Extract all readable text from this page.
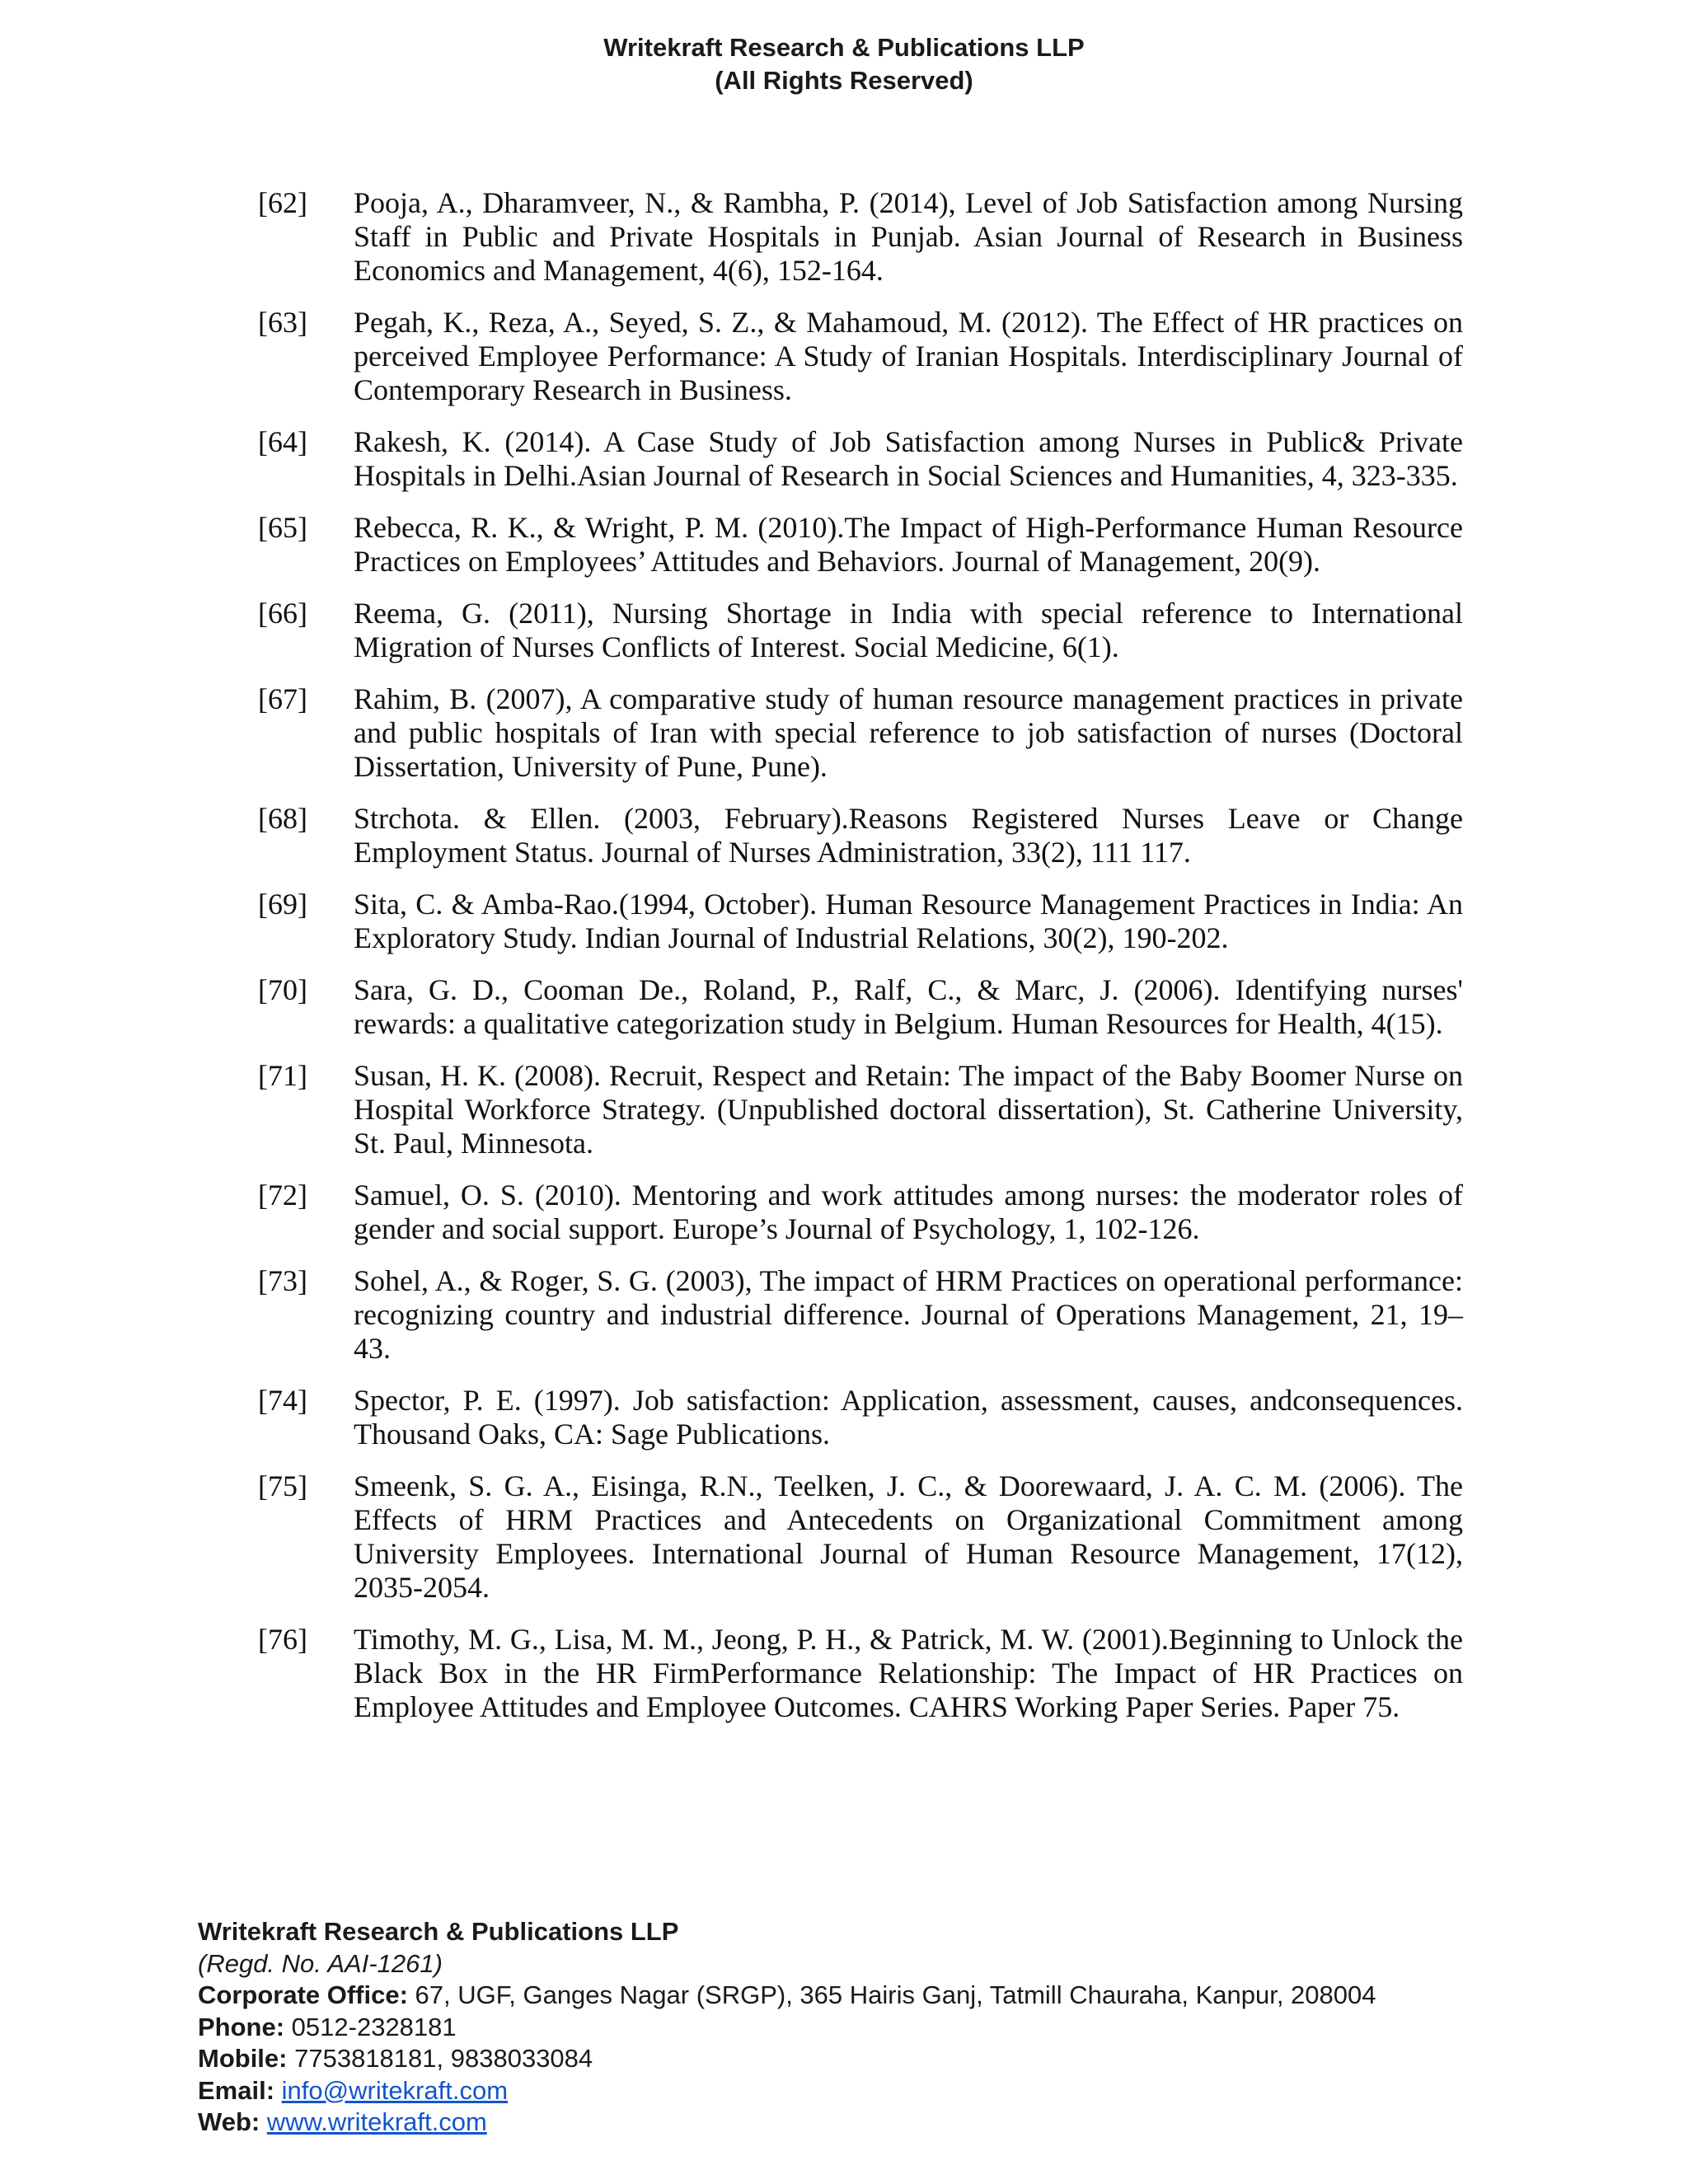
Writekraft Research & Publications LLP
(All Rights Reserved)
[62]	Pooja, A., Dharamveer, N., & Rambha, P. (2014), Level of Job Satisfaction among Nursing Staff in Public and Private Hospitals in Punjab. Asian Journal of Research in Business Economics and Management, 4(6), 152-164.
[63]	Pegah, K., Reza, A., Seyed, S. Z., & Mahamoud, M. (2012). The Effect of HR practices on perceived Employee Performance: A Study of Iranian Hospitals. Interdisciplinary Journal of Contemporary Research in Business.
[64]	Rakesh, K. (2014). A Case Study of Job Satisfaction among Nurses in Public& Private Hospitals in Delhi.Asian Journal of Research in Social Sciences and Humanities, 4, 323-335.
[65]	Rebecca, R. K., & Wright, P. M. (2010).The Impact of High-Performance Human Resource Practices on Employees’ Attitudes and Behaviors. Journal of Management, 20(9).
[66]	Reema, G. (2011), Nursing Shortage in India with special reference to International Migration of Nurses Conflicts of Interest. Social Medicine, 6(1).
[67]	Rahim, B. (2007), A comparative study of human resource management practices in private and public hospitals of Iran with special reference to job satisfaction of nurses (Doctoral Dissertation, University of Pune, Pune).
[68]	Strchota. & Ellen. (2003, February).Reasons Registered Nurses Leave or Change Employment Status. Journal of Nurses Administration, 33(2), 111 117.
[69]	Sita, C. & Amba-Rao.(1994, October). Human Resource Management Practices in India: An Exploratory Study. Indian Journal of Industrial Relations, 30(2), 190-202.
[70]	Sara, G. D., Cooman De., Roland, P., Ralf, C., & Marc, J. (2006). Identifying nurses' rewards: a qualitative categorization study in Belgium. Human Resources for Health, 4(15).
[71]	Susan, H. K. (2008). Recruit, Respect and Retain: The impact of the Baby Boomer Nurse on Hospital Workforce Strategy. (Unpublished doctoral dissertation), St. Catherine University, St. Paul, Minnesota.
[72]	Samuel, O. S. (2010). Mentoring and work attitudes among nurses: the moderator roles of gender and social support. Europe’s Journal of Psychology, 1, 102-126.
[73]	Sohel, A., & Roger, S. G. (2003), The impact of HRM Practices on operational performance: recognizing country and industrial difference. Journal of Operations Management, 21, 19–43.
[74]	Spector, P. E. (1997). Job satisfaction: Application, assessment, causes, andconsequences. Thousand Oaks, CA: Sage Publications.
[75]	Smeenk, S. G. A., Eisinga, R.N., Teelken, J. C., & Doorewaard, J. A. C. M. (2006). The Effects of HRM Practices and Antecedents on Organizational Commitment among University Employees. International Journal of Human Resource Management, 17(12), 2035-2054.
[76]	Timothy, M. G., Lisa, M. M., Jeong, P. H., & Patrick, M. W. (2001).Beginning to Unlock the Black Box in the HR FirmPerformance Relationship: The Impact of HR Practices on Employee Attitudes and Employee Outcomes. CAHRS Working Paper Series. Paper 75.
Writekraft Research & Publications LLP
(Regd. No. AAI-1261)
Corporate Office: 67, UGF, Ganges Nagar (SRGP), 365 Hairis Ganj, Tatmill Chauraha, Kanpur, 208004
Phone: 0512-2328181
Mobile: 7753818181, 9838033084
Email: info@writekraft.com
Web: www.writekraft.com
